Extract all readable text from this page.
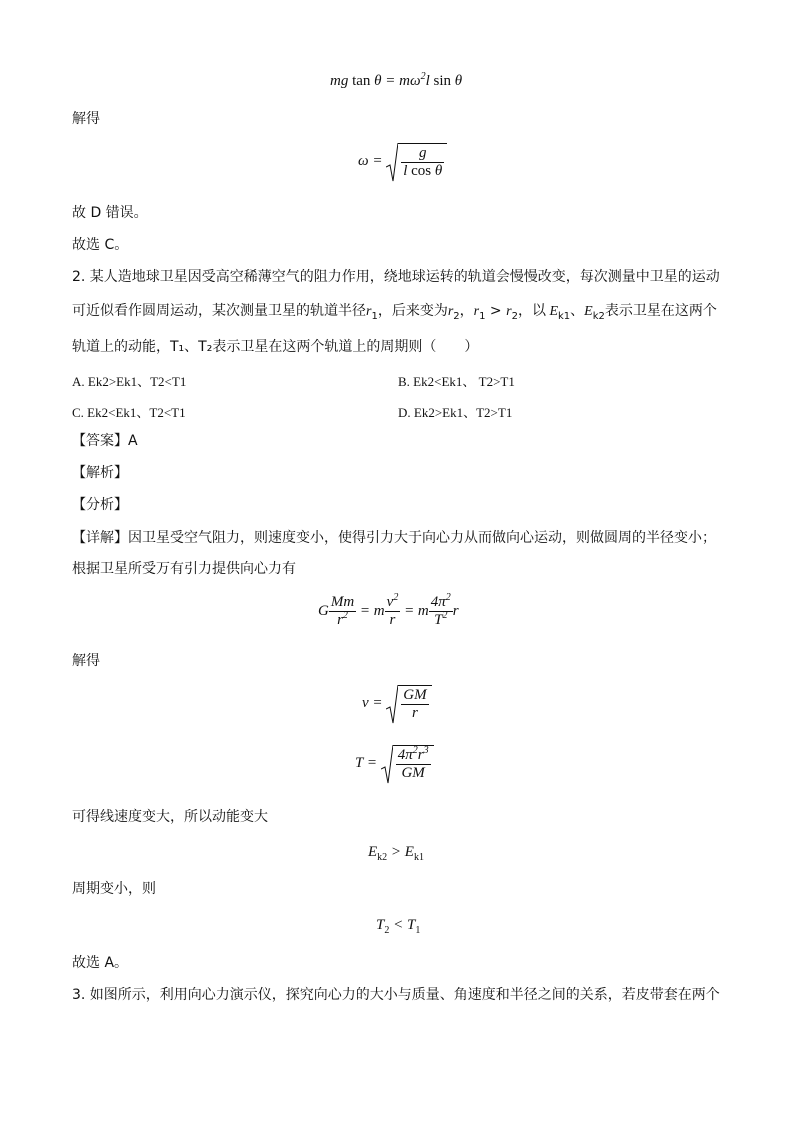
mg $\tan \theta = m\omega^2l$ sin θ
解得
$\omega = \frac{g}{\text{l cos θ}}$
故 D 错误。
故选 C。
2. 某人造地球卫星因受高空稀薄空气的阻力作用，绕地球运转的轨道会慢慢改变，每次测量中卫星的运动
可近似看作圆周运动，某次测量卫星的轨道半径$r_1$，后来变为$r_2$，$r_1 > r_2$，以 $E_{k1}$、$E_{k2}$表示卫星在这两个
轨道上的动能，T₁、T₂表示卫星在这两个轨道上的周期则（　　）
A. Ek2>Ek1、T2<T1	B. Ek2<Ek1、 T2>T1
C. Ek2<Ek1、T2<T1	D. Ek2>Ek1、T2>T1
【答案】A
【解析】
【分析】
【详解】因卫星受空气阻力，则速度变小，使得引力大于向心力从而做向心运动，则做圆周的半径变小；
根据卫星所受万有引力提供向心力有
G $\frac{Mm}{r^2} = m \frac{v^2}{r} = m \frac{4\pi^2}{T^2}$ r
解得
$v = \frac{GM}{r}$
$T = \frac{4\pi^2r^3}{GM}$
可得线速度变大，所以动能变大
$E_{k2} > E_{k1}$
周期变小，则
$T_2 < T_1$
故选 A。
3. 如图所示，利用向心力演示仪，探究向心力的大小与质量、角速度和半径之间的关系，若皮带套在两个
